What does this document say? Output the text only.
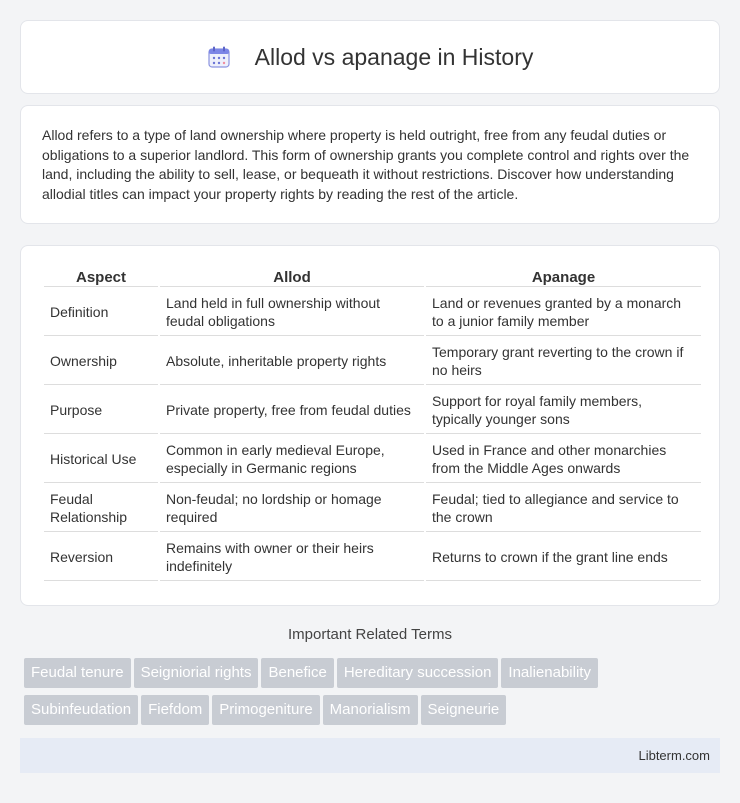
Allod vs apanage in History

Allod refers to a type of land ownership where property is held outright, free from any feudal duties or obligations to a superior landlord. This form of ownership grants you complete control and rights over the land, including the ability to sell, lease, or bequeath it without restrictions. Discover how understanding allodial titles can impact your property rights by reading the rest of the article.

Aspect	Allod	Apanage
Definition	Land held in full ownership without feudal obligations	Land or revenues granted by a monarch to a junior family member
Ownership	Absolute, inheritable property rights	Temporary grant reverting to the crown if no heirs
Purpose	Private property, free from feudal duties	Support for royal family members, typically younger sons
Historical Use	Common in early medieval Europe, especially in Germanic regions	Used in France and other monarchies from the Middle Ages onwards
Feudal Relationship	Non-feudal; no lordship or homage required	Feudal; tied to allegiance and service to the crown
Reversion	Remains with owner or their heirs indefinitely	Returns to crown if the grant line ends
Important Related Terms
Feudal tenure Seigniorial rights Benefice Hereditary succession Inalienability
Subinfeudation Fiefdom Primogeniture Manorialism Seigneurie
Libterm.com
